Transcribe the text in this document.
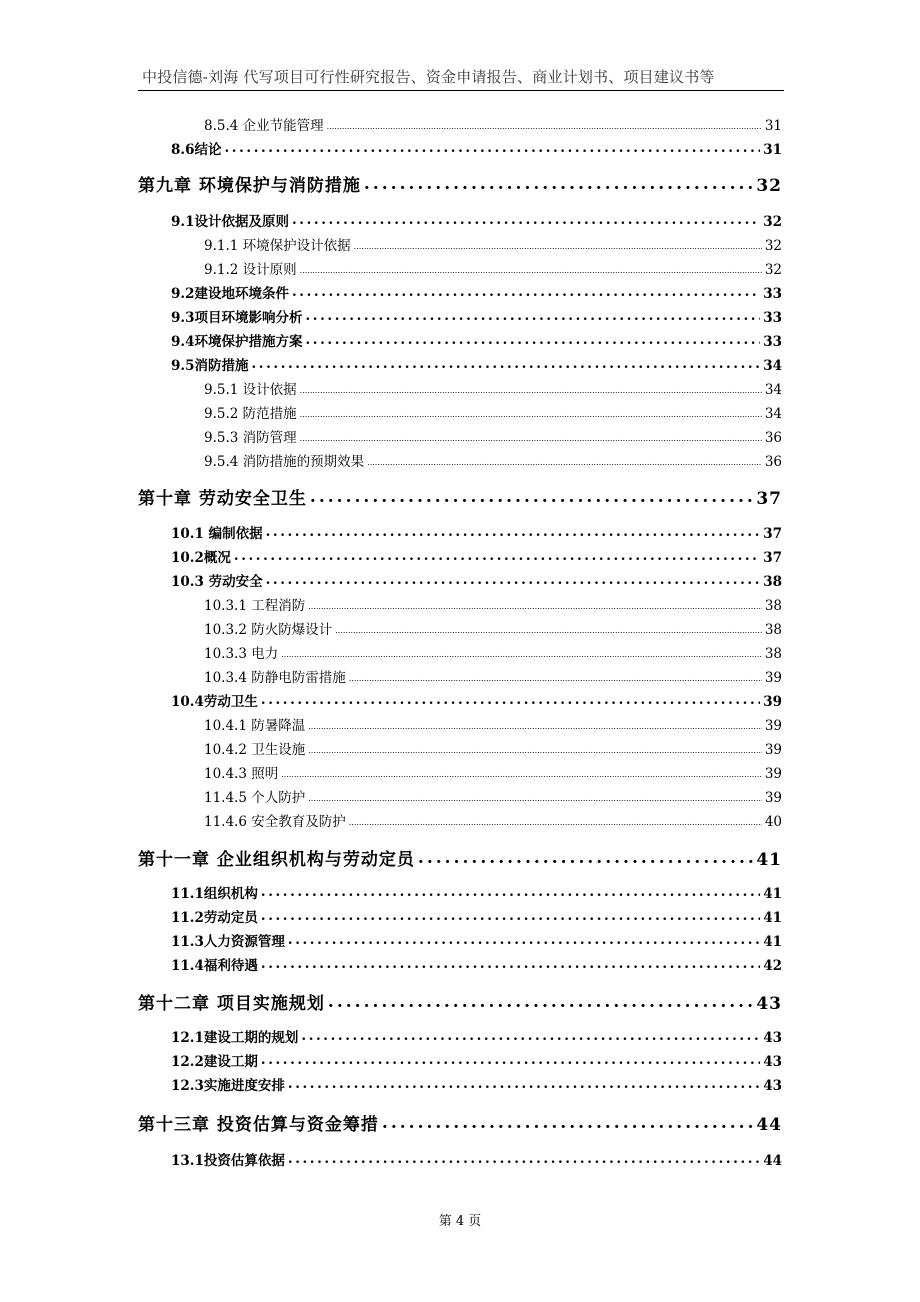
中投信德-刘海 代写项目可行性研究报告、资金申请报告、商业计划书、项目建议书等
8.5.4 企业节能管理 .....	31
8.6结论 .....	31
第九章 环境保护与消防措施 .....	32
9.1设计依据及原则 .....	32
9.1.1 环境保护设计依据 .....	32
9.1.2 设计原则 .....	32
9.2建设地环境条件 .....	33
9.3项目环境影响分析 .....	33
9.4环境保护措施方案 .....	33
9.5消防措施 .....	34
9.5.1 设计依据 .....	34
9.5.2 防范措施 .....	34
9.5.3 消防管理 .....	36
9.5.4 消防措施的预期效果 .....	36
第十章 劳动安全卫生 .....	37
10.1 编制依据 .....	37
10.2概况 .....	37
10.3 劳动安全 .....	38
10.3.1 工程消防 .....	38
10.3.2 防火防爆设计 .....	38
10.3.3 电力 .....	38
10.3.4 防静电防雷措施 .....	39
10.4劳动卫生 .....	39
10.4.1 防暑降温 .....	39
10.4.2 卫生设施 .....	39
10.4.3 照明 .....	39
11.4.5 个人防护 .....	39
11.4.6 安全教育及防护 .....	40
第十一章 企业组织机构与劳动定员 .....	41
11.1组织机构 .....	41
11.2劳动定员 .....	41
11.3人力资源管理 .....	41
11.4福利待遇 .....	42
第十二章 项目实施规划 .....	43
12.1建设工期的规划 .....	43
12.2建设工期 .....	43
12.3实施进度安排 .....	43
第十三章 投资估算与资金筹措 .....	44
13.1投资估算依据 .....	44
第 4 页
